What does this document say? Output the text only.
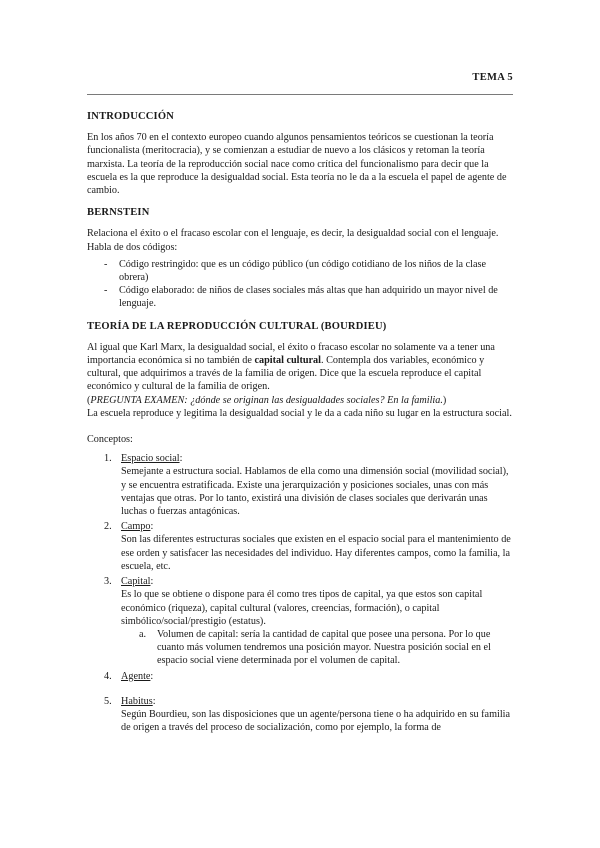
TEMA 5
INTRODUCCIÓN

En los años 70 en el contexto europeo cuando algunos pensamientos teóricos se cuestionan la teoría funcionalista (meritocracia), y se comienzan a estudiar de nuevo a los clásicos y retoman la teoría marxista. La teoría de la reproducción social nace como crítica del funcionalismo para decir que la escuela es la que reproduce la desigualdad social. Esta teoría no le da a la escuela el papel de agente de cambio.

BERNSTEIN

Relaciona el éxito o el fracaso escolar con el lenguaje, es decir, la desigualdad social con el lenguaje. Habla de dos códigos:

- Código restringido: que es un código público (un código cotidiano de los niños de la clase obrera)
- Código elaborado: de niños de clases sociales más altas que han adquirido un mayor nivel de lenguaje.
TEORÍA DE LA REPRODUCCIÓN CULTURAL (BOURDIEU)

Al igual que Karl Marx, la desigualdad social, el éxito o fracaso escolar no solamente va a tener una importancia económica si no también de capital cultural. Contempla dos variables, económico y cultural, que adquirimos a través de la familia de origen. Dice que la escuela reproduce el capital económico y cultural de la familia de origen.

(PREGUNTA EXAMEN: ¿dónde se originan las desigualdades sociales? En la familia.)

La escuela reproduce y legitima la desigualdad social y le da a cada niño su lugar en la estructura social.

Conceptos:

1. Espacio social:

Semejante a estructura social. Hablamos de ella como una dimensión social (movilidad social), y se encuentra estratificada. Existe una jerarquización y posiciones sociales, unas con más ventajas que otras. Por lo tanto, existirá una división de clases sociales que derivarán unas luchas o fuerzas antagónicas.

2. Campo:

Son las diferentes estructuras sociales que existen en el espacio social para el mantenimiento de ese orden y satisfacer las necesidades del individuo. Hay diferentes campos, como la familia, la escuela, etc.

3. Capital:

Es lo que se obtiene o dispone para él como tres tipos de capital, ya que estos son capital económico (riqueza), capital cultural (valores, creencias, formación), o capital simbólico/social/prestigio (estatus).

a. Volumen de capital: sería la cantidad de capital que posee una persona. Por lo que cuanto más volumen tendremos una posición mayor. Nuestra posición social en el espacio social viene determinada por el volumen de capital.
4. Agente:
5. Habitus:

Según Bourdieu, son las disposiciones que un agente/persona tiene o ha adquirido en su familia de origen a través del proceso de socialización, como por ejemplo, la forma de
